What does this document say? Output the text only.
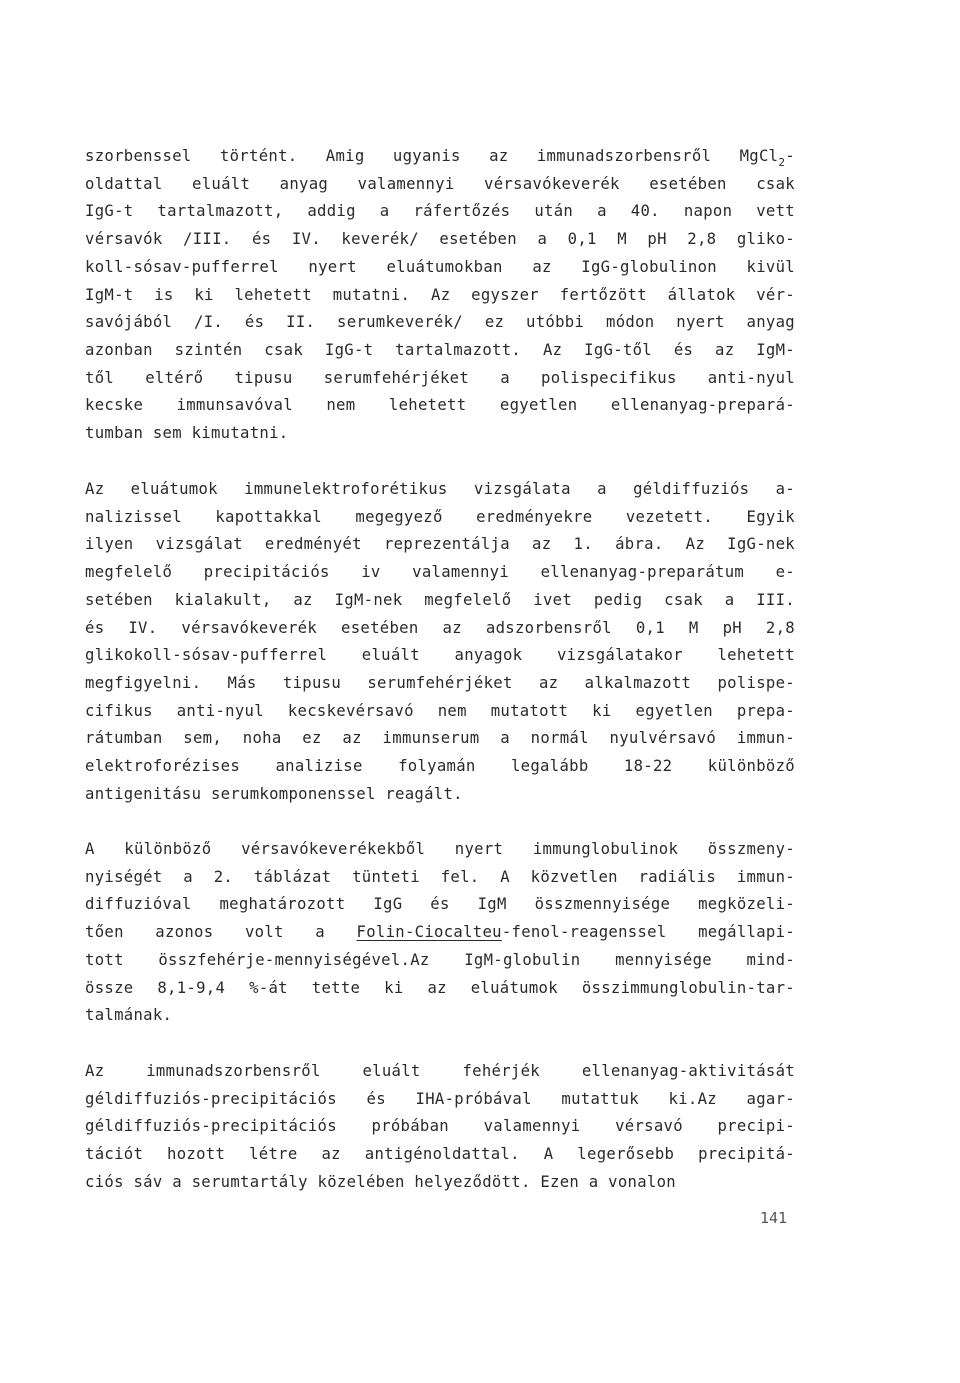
141
szorbenssel történt. Amig ugyanis az immunadszorbensről MgCl$_2$-
oldattal eluált anyag valamennyi vérsavókeverék esetében csak
IgG-t tartalmazott, addig a ráfertőzés után a 40. napon vett
vérsavók /III. és IV. keverék/ esetében a 0,1 M pH 2,8 gliko-
koll-sósav-pufferrel nyert eluátumokban az IgG-globulinon kivül
IgM-t is ki lehetett mutatni. Az egyszer fertőzött állatok vér-
savójából /I. és II. serumkeverék/ ez utóbbi módon nyert anyag
azonban szintén csak IgG-t tartalmazott. Az IgG-től és az IgM-
től eltérő tipusu serumfehérjéket a polispecifikus anti-nyul
kecske immunsavóval nem lehetett egyetlen ellenanyag-prepará-
tumban sem kimutatni.
Az eluátumok immunelektroforétikus vizsgálata a géldiffuziós a-
nalizissel kapottakkal megegyező eredményekre vezetett. Egyik
ilyen vizsgálat eredményét reprezentálja az 1. ábra. Az IgG-nek
megfelelő precipitációs iv valamennyi ellenanyag-preparátum e-
setében kialakult, az IgM-nek megfelelő ivet pedig csak a III.
és IV. vérsavókeverék esetében az adszorbensről 0,1 M pH 2,8
glikokoll-sósav-pufferrel eluált anyagok vizsgálatakor lehetett
megfigyelni. Más tipusu serumfehérjéket az alkalmazott polispe-
cifikus anti-nyul kecskevérsavó nem mutatott ki egyetlen prepa-
rátumban sem, noha ez az immunserum a normál nyulvérsavó immun-
elektroforézises analizise folyamán legalább 18-22 különböző
antigenitásu serumkomponenssel reagált.
A különböző vérsavókeverékekből nyert immunglobulinok összmeny-
nyiségét a 2. táblázat tünteti fel. A közvetlen radiális immun-
diffuzióval meghatározott IgG és IgM összmennyisége megközeli-
tően azonos volt a Folin-Ciocalteu-fenol-reagenssel megállapi-
tott összfehérje-mennyiségével.Az IgM-globulin mennyisége mind-
össze 8,1-9,4 %-át tette ki az eluátumok összimmunglobulin-tar-
talmának.
Az immunadszorbensről eluált fehérjék ellenanyag-aktivitását
géldiffuziós-precipitációs és IHA-próbával mutattuk ki.Az agar-
géldiffuziós-precipitációs próbában valamennyi vérsavó precipi-
tációt hozott létre az antigénoldattal. A legerősebb precipitá-
ciós sáv a serumtartály közelében helyeződött. Ezen a vonalon
